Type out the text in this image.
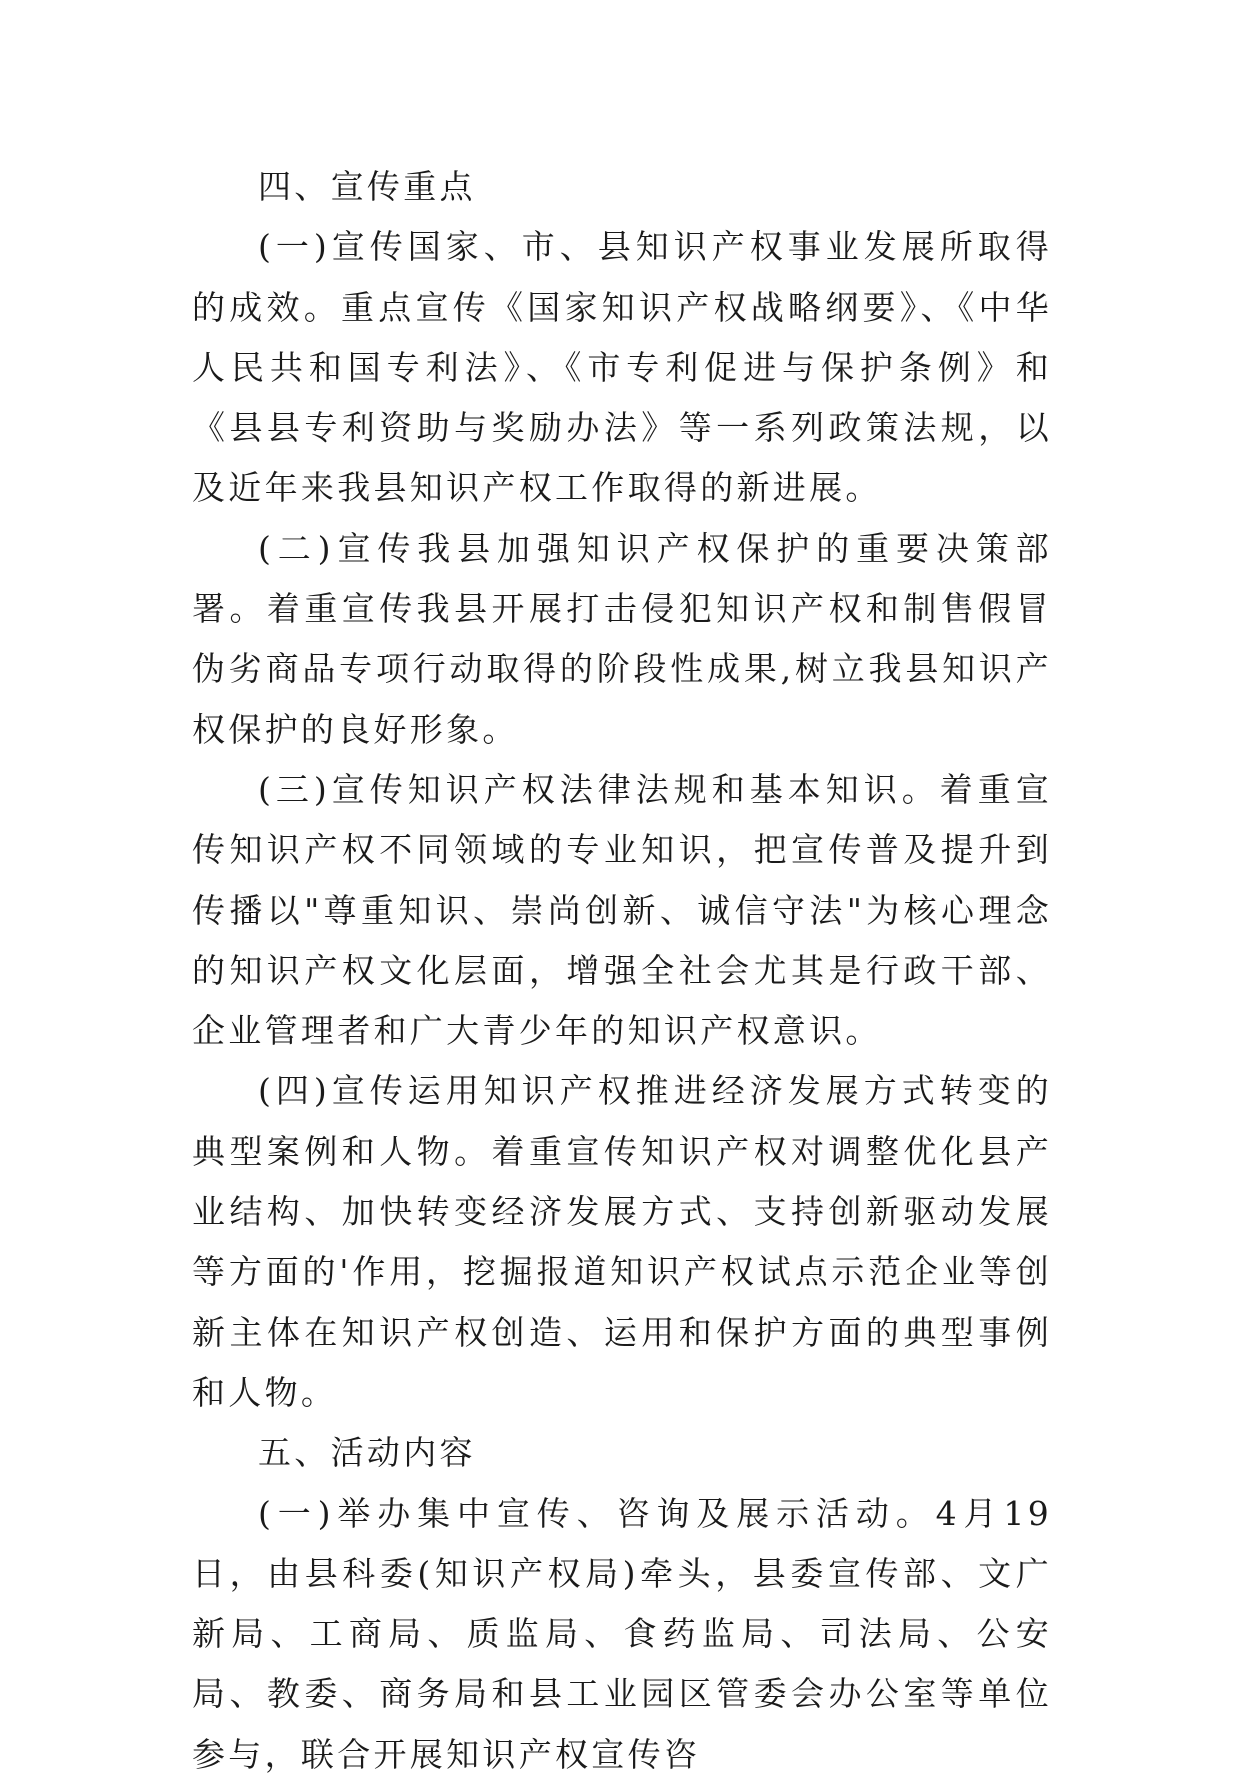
四、宣传重点

(一)宣传国家、市、县知识产权事业发展所取得的成效。重点宣传《国家知识产权战略纲要》、《中华人民共和国专利法》、《市专利促进与保护条例》和《县县专利资助与奖励办法》等一系列政策法规，以及近年来我县知识产权工作取得的新进展。

(二)宣传我县加强知识产权保护的重要决策部署。着重宣传我县开展打击侵犯知识产权和制售假冒伪劣商品专项行动取得的阶段性成果,树立我县知识产权保护的良好形象。

(三)宣传知识产权法律法规和基本知识。着重宣传知识产权不同领域的专业知识，把宣传普及提升到传播以"尊重知识、崇尚创新、诚信守法"为核心理念的知识产权文化层面，增强全社会尤其是行政干部、企业管理者和广大青少年的知识产权意识。

(四)宣传运用知识产权推进经济发展方式转变的典型案例和人物。着重宣传知识产权对调整优化县产业结构、加快转变经济发展方式、支持创新驱动发展等方面的'作用，挖掘报道知识产权试点示范企业等创新主体在知识产权创造、运用和保护方面的典型事例和人物。

五、活动内容

(一)举办集中宣传、咨询及展示活动。4月19日，由县科委(知识产权局)牵头，县委宣传部、文广新局、工商局、质监局、食药监局、司法局、公安局、教委、商务局和县工业园区管委会办公室等单位参与，联合开展知识产权宣传咨
